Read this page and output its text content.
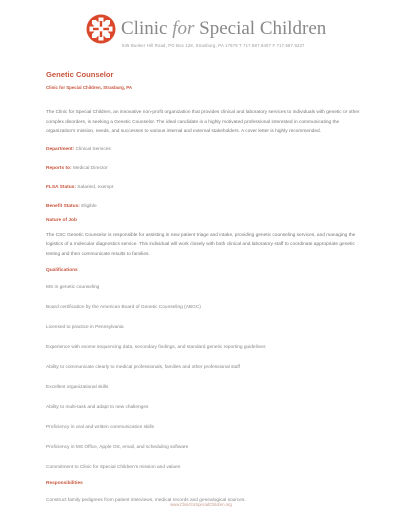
Clinic for Special Children
535 Bunker Hill Road, PO Box 128, Strasburg, PA 17579 T 717.687.9407 F 717.687.9237
Genetic Counselor
Clinic for Special Children, Strasburg, PA

The Clinic for Special Children, an innovative non-profit organization that provides clinical and laboratory services to individuals with genetic or other complex disorders, is seeking a Genetic Counselor. The ideal candidate is a highly motivated professional interested in communicating the organization's mission, needs, and successes to various internal and external stakeholders. A cover letter is highly recommended.

Department: Clinical Services
Reports to: Medical Director
FLSA Status: Salaried, exempt
Benefit Status: Eligible
Nature of Job

The CSC Genetic Counselor is responsible for assisting in new patient triage and intake, providing genetic counseling services, and managing the logistics of a molecular diagnostics service. This individual will work closely with both clinical and laboratory staff to coordinate appropriate genetic testing and then communicate results to families.

Qualifications
MS in genetic counseling
Board certification by the American Board of Genetic Counseling (ABGC)
Licensed to practice in Pennsylvania
Experience with exome sequencing data, secondary findings, and standard genetic reporting guidelines
Ability to communicate clearly to medical professionals, families and other professional staff
Excellent organizational skills
Ability to multi-task and adapt to new challenges
Proficiency in oral and written communication skills
Proficiency in MS Office, Apple OS, email, and scheduling software
Commitment to Clinic for Special Children's mission and values
Responsibilities
Construct family pedigrees from patient interviews, medical records and genealogical sources.
www.ClinicforSpecialChildren.org
